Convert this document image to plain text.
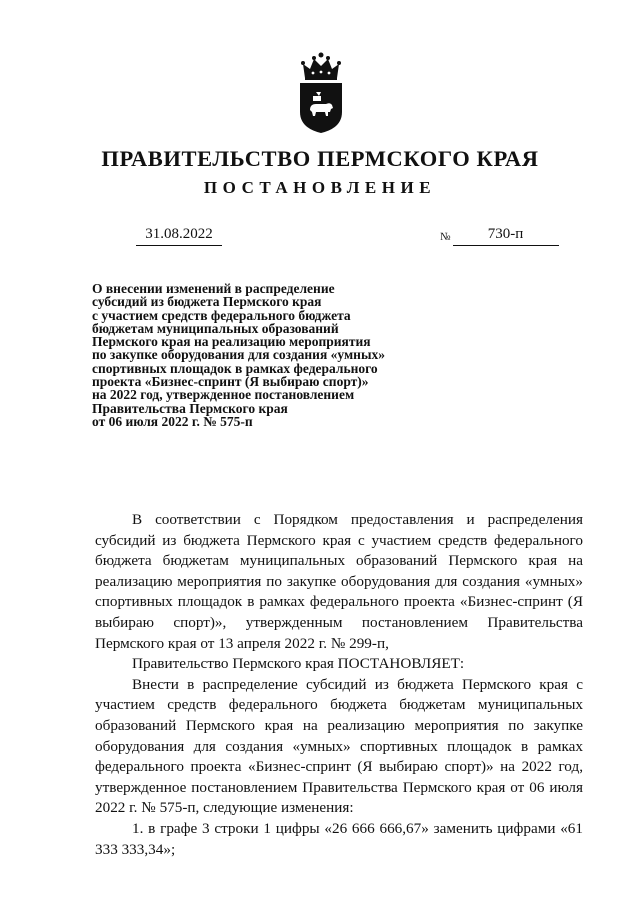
ПРАВИТЕЛЬСТВО ПЕРМСКОГО КРАЯ
ПОСТАНОВЛЕНИЕ
31.08.2022	№ 730-п
О внесении изменений в распределение
субсидий из бюджета Пермского края
с участием средств федерального бюджета
бюджетам муниципальных образований
Пермского края на реализацию мероприятия
по закупке оборудования для создания «умных»
спортивных площадок в рамках федерального
проекта «Бизнес-спринт (Я выбираю спорт)»
на 2022 год, утвержденное постановлением
Правительства Пермского края
от 06 июля 2022 г. № 575-п

В соответствии с Порядком предоставления и распределения субсидий из бюджета Пермского края с участием средств федерального бюджета бюджетам муниципальных образований Пермского края на реализацию мероприятия по закупке оборудования для создания «умных» спортивных площадок в рамках федерального проекта «Бизнес-спринт (Я выбираю спорт)», утвержденным постановлением Правительства Пермского края от 13 апреля 2022 г. № 299-п,

Правительство Пермского края ПОСТАНОВЛЯЕТ:

Внести в распределение субсидий из бюджета Пермского края с участием средств федерального бюджета бюджетам муниципальных образований Пермского края на реализацию мероприятия по закупке оборудования для создания «умных» спортивных площадок в рамках федерального проекта «Бизнес-спринт (Я выбираю спорт)» на 2022 год, утвержденное постановлением Правительства Пермского края от 06 июля 2022 г. № 575-п, следующие изменения:

1. в графе 3 строки 1 цифры «26 666 666,67» заменить цифрами «61 333 333,34»;
